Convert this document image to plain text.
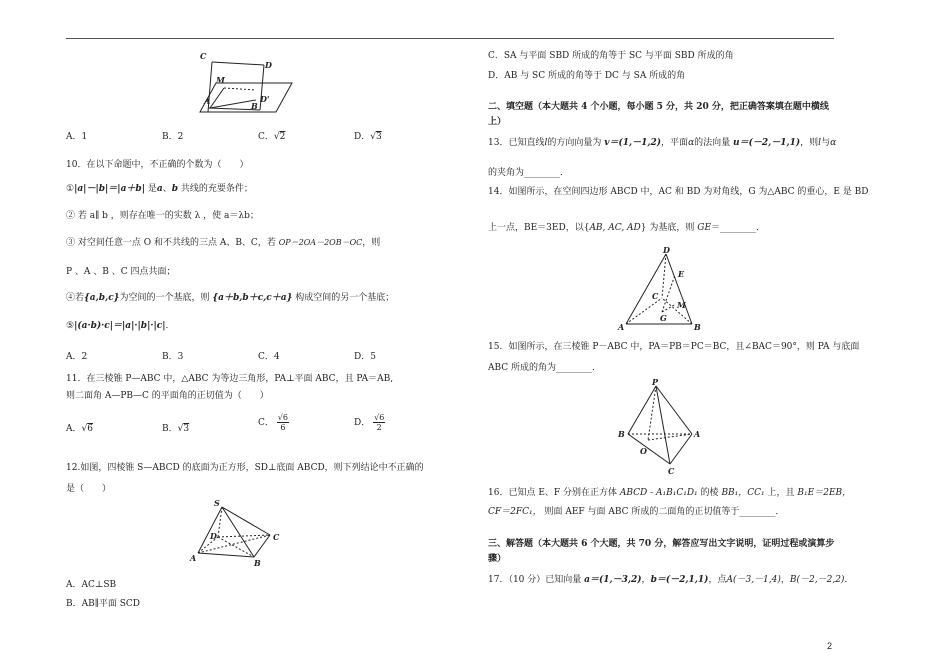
C
D
M
A	B
D'
A．1	B．2	C．√2	D．√3
10．在以下命题中，不正确的个数为（　　）
①|a|－|b|＝|a＋b| 是a、b 共线的充要条件；
② 若 a∥ b ，则存在唯一的实数 λ ，使 a＝λb；
③ 对空间任意一点 O 和不共线的三点 A、B、C，若 OP＝2OA－2OB－OC，则
P 、A 、B 、C 四点共面；
④若{a,b,c}为空间的一个基底，则 {a＋b,b＋c,c＋a} 构成空间的另一个基底；
⑤|(a·b)·c|＝|a|·|b|·|c|.
A．2	B．3	C．4	D．5
11．在三棱锥 P—ABC 中，△ABC 为等边三角形，PA⊥平面 ABC，且 PA＝AB,
则二面角 A—PB—C 的平面角的正切值为（　　）
A．√6	B．√3
C． $\frac{√6}{6}$	D． $\frac{√6}{2}$
12.如图，四棱锥 S—ABCD 的底面为正方形，SD⊥底面 ABCD，则下列结论中不正确的
是（　　）
S
D	C
A	B
A．AC⊥SB
B．AB∥平面 SCD
C．SA 与平面 SBD 所成的角等于 SC 与平面 SBD 所成的角
D．AB 与 SC 所成的角等于 DC 与 SA 所成的角
二、填空题（本大题共 4 个小题，每小题 5 分，共 20 分，把正确答案填在题中横线
上）
13．已知直线l的方向向量为 v＝(1,－1,2)，平面α的法向量 u＝(－2,－1,1)，则l与α
的夹角为________．
14．如图所示，在空间四边形 ABCD 中，AC 和 BD 为对角线，G 为△ABC 的重心，E 是 BD
上一点，BE＝3ED，以{AB, AC, AD} 为基底，则 GE＝________．
D
E
C
M
G
A	B
15．如图所示，在三棱锥 P－ABC 中，PA＝PB＝PC＝BC，且∠BAC＝90°，则 PA 与底面
ABC 所成的角为________．
P
B	A
O
C
16．已知点 E、F 分别在正方体 ABCD - A₁B₁C₁D₁ 的棱 BB₁，CC₁ 上，且 B₁E＝2EB，
CF＝2FC₁， 则面 AEF 与面 ABC 所成的二面角的正切值等于________．
三、解答题（本大题共 6 个大题，共 70 分，解答应写出文字说明，证明过程或演算步
骤）
17．（10 分）已知向量 a＝(1,－3,2)，b＝(－2,1,1)，点A(－3,－1,4)，B(－2,－2,2)．
2
